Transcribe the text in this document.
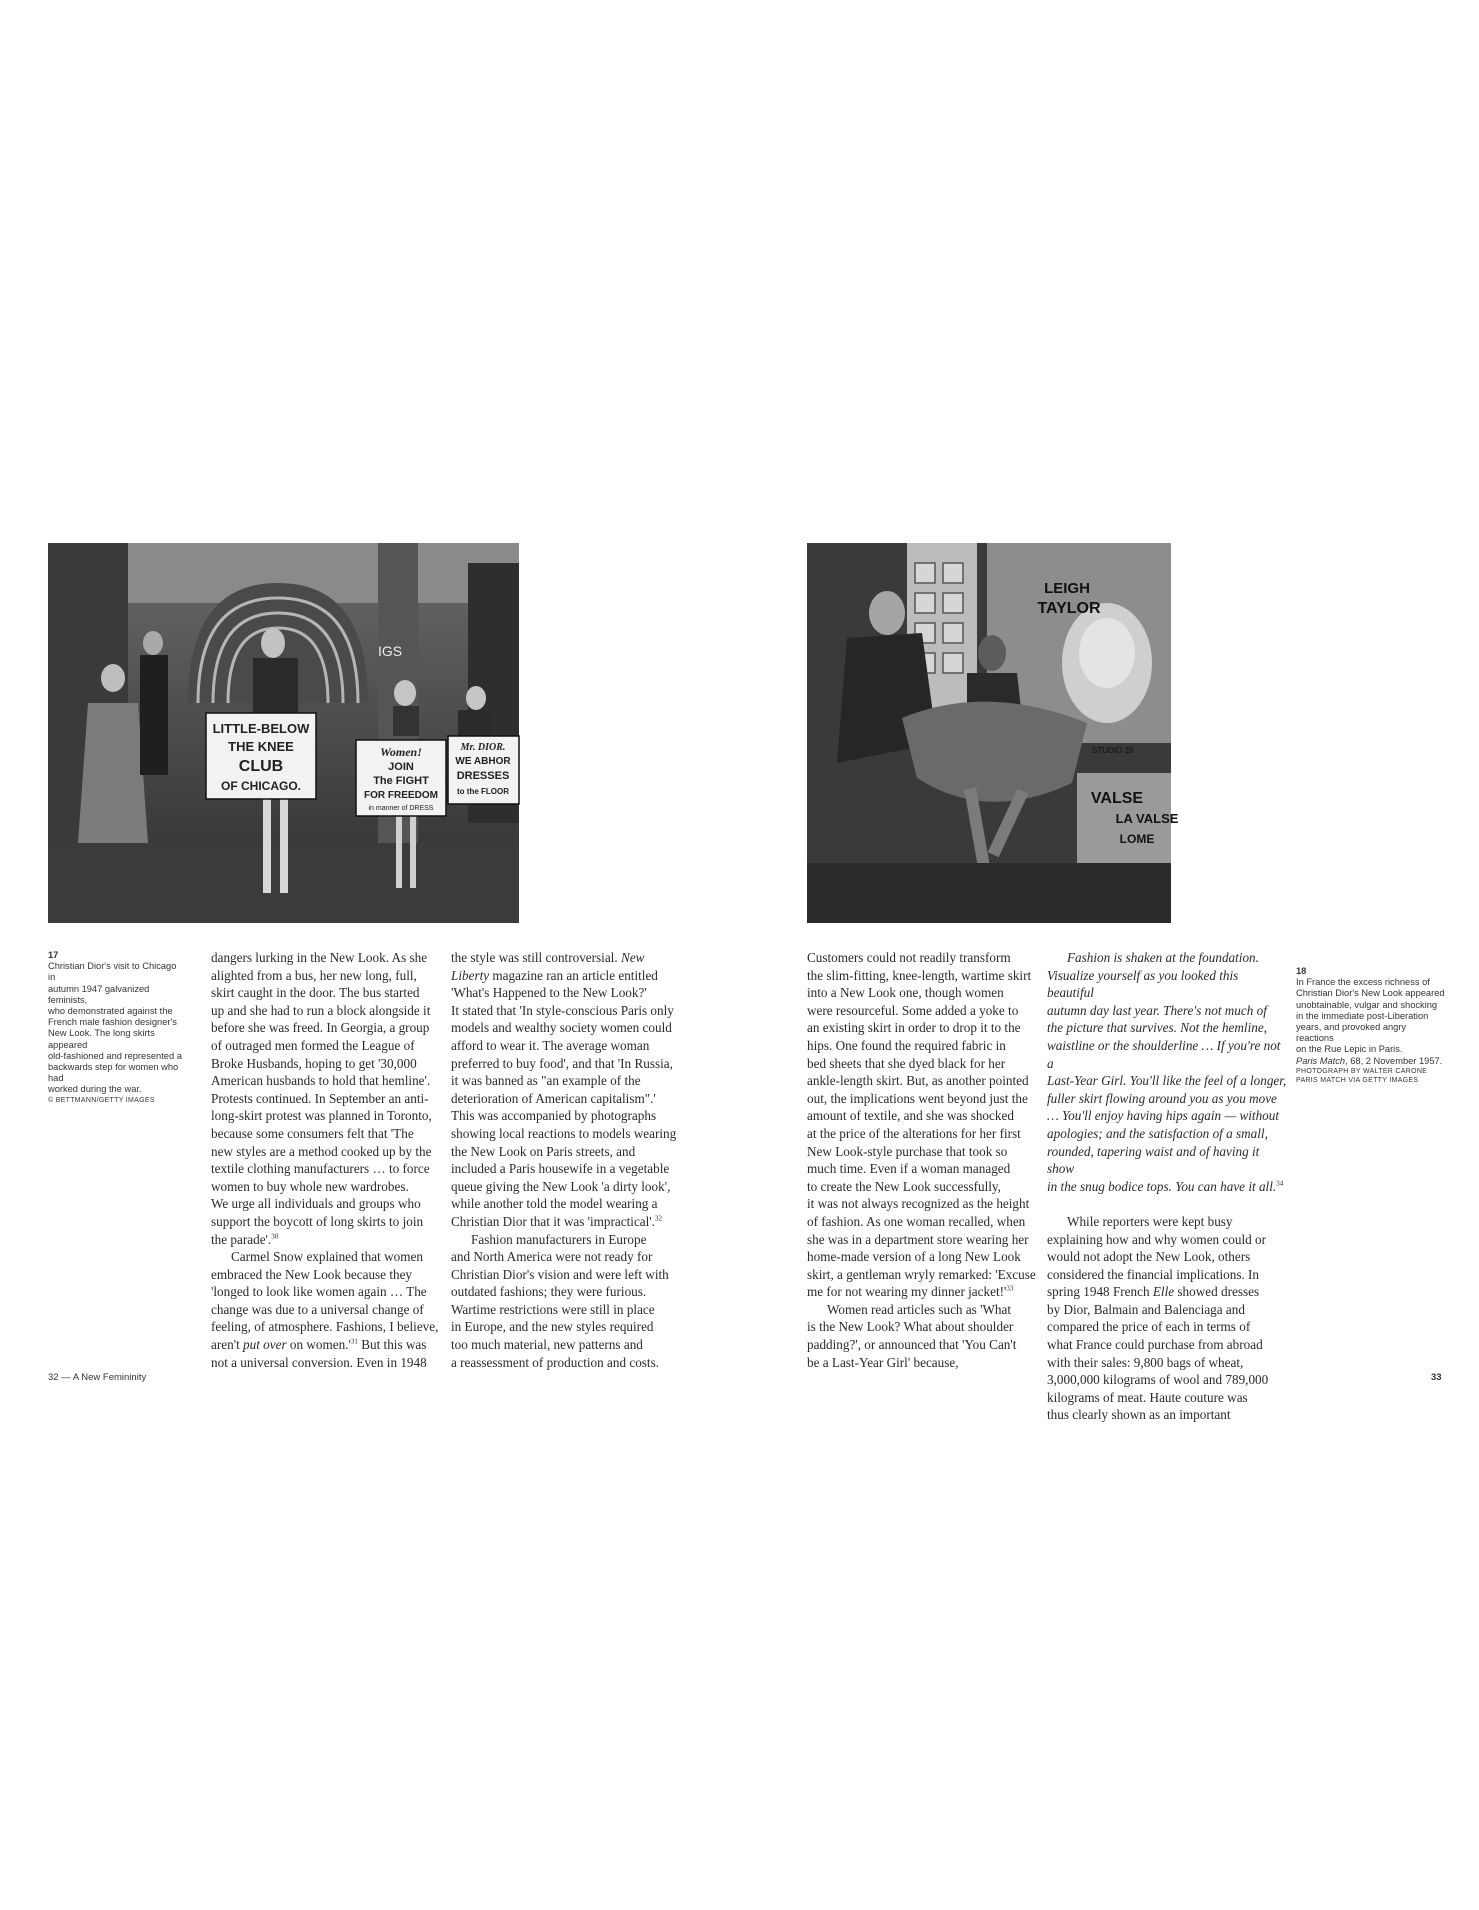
IGS
LITTLE-BELOW
THE KNEE
CLUB
OF CHICAGO.
Women!
JOIN
The FIGHT
FOR FREEDOM
in manner of DRESS
Mr. DIOR.
WE ABHOR
DRESSES
to the FLOOR
LEIGH
TAYLOR
STUDIO 28
VALSE
LA VALSE
LOME
17
Christian Dior's visit to Chicago in
autumn 1947 galvanized feminists,
who demonstrated against the
French male fashion designer's
New Look. The long skirts appeared
old-fashioned and represented a
backwards step for women who had
worked during the war.
© BETTMANN/GETTY IMAGES

dangers lurking in the New Look. As she

alighted from a bus, her new long, full,

skirt caught in the door. The bus started

up and she had to run a block alongside it

before she was freed. In Georgia, a group

of outraged men formed the League of

Broke Husbands, hoping to get '30,000

American husbands to hold that hemline'.

Protests continued. In September an anti-

long-skirt protest was planned in Toronto,

because some consumers felt that 'The

new styles are a method cooked up by the

textile clothing manufacturers … to force

women to buy whole new wardrobes.

We urge all individuals and groups who

support the boycott of long skirts to join

the parade'.$^{30}$

Carmel Snow explained that women

embraced the New Look because they

'longed to look like women again … The

change was due to a universal change of

feeling, of atmosphere. Fashions, I believe,

aren't put over on $women.'^{31}$ But this was

not a universal conversion. Even in 1948

the style was still controversial. New

Liberty magazine ran an article entitled

'What's Happened to the New Look?'

It stated that 'In style-conscious Paris only

models and wealthy society women could

afford to wear it. The average woman

preferred to buy food', and that 'In Russia,

it was banned as "an example of the

deterioration of American capitalism".'

This was accompanied by photographs

showing local reactions to models wearing

the New Look on Paris streets, and

included a Paris housewife in a vegetable

queue giving the New Look 'a dirty look',

while another told the model wearing a

Christian Dior that it was 'impractical'.$^{32}$

Fashion manufacturers in Europe

and North America were not ready for

Christian Dior's vision and were left with

outdated fashions; they were furious.

Wartime restrictions were still in place

in Europe, and the new styles required

too much material, new patterns and

a reassessment of production and costs.

Customers could not readily transform

the slim-fitting, knee-length, wartime skirt

into a New Look one, though women

were resourceful. Some added a yoke to

an existing skirt in order to drop it to the

hips. One found the required fabric in

bed sheets that she dyed black for her

ankle-length skirt. But, as another pointed

out, the implications went beyond just the

amount of textile, and she was shocked

at the price of the alterations for her first

New Look-style purchase that took so

much time. Even if a woman managed

to create the New Look successfully,

it was not always recognized as the height

of fashion. As one woman recalled, when

she was in a department store wearing her

home-made version of a long New Look

skirt, a gentleman wryly remarked: 'Excuse

me for not wearing my dinner $jacket!'^{33}$

Women read articles such as 'What

is the New Look? What about shoulder

padding?', or announced that 'You Can't

be a Last-Year Girl' because,

Fashion is shaken at the foundation.

Visualize yourself as you looked this beautiful

autumn day last year. There's not much of

the picture that survives. Not the hemline,

waistline or the shoulderline … If you're not a

Last-Year Girl. You'll like the feel of a longer,

fuller skirt flowing around you as you move

… You'll enjoy having hips again — without

apologies; and the satisfaction of a small,

rounded, tapering waist and of having it show

in the snug bodice tops. You can have it all.$^{34}$

While reporters were kept busy

explaining how and why women could or

would not adopt the New Look, others

considered the financial implications. In

spring 1948 French Elle showed dresses

by Dior, Balmain and Balenciaga and

compared the price of each in terms of

what France could purchase from abroad

with their sales: 9,800 bags of wheat,

3,000,000 kilograms of wool and 789,000

kilograms of meat. Haute couture was

thus clearly shown as an important

18
In France the excess richness of
Christian Dior's New Look appeared
unobtainable, vulgar and shocking
in the immediate post-Liberation
years, and provoked angry reactions
on the Rue Lepic in Paris.
Paris Match, 68, 2 November 1957.
PHOTOGRAPH BY WALTER CARONE
PARIS MATCH VIA GETTY IMAGES
32 — A New Femininity	33
